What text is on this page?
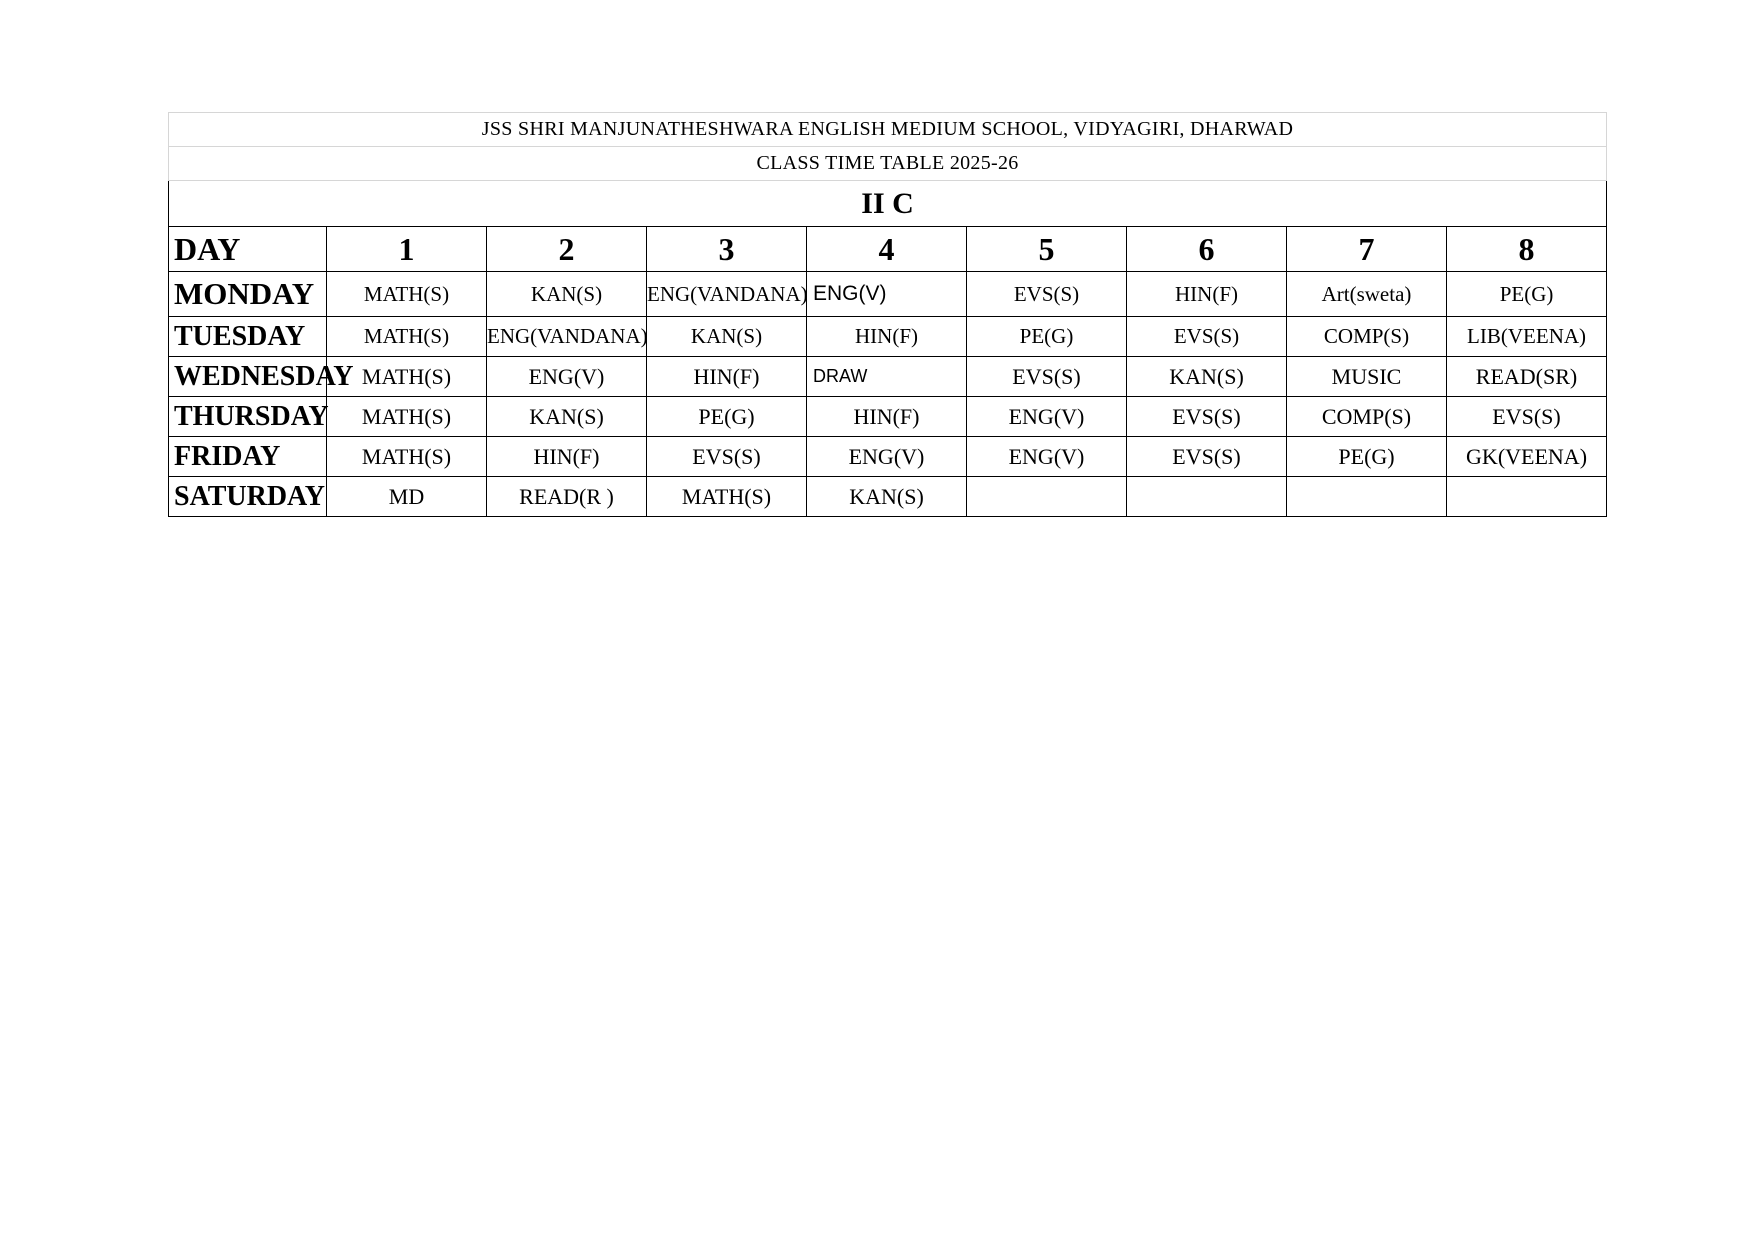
JSS SHRI MANJUNATHESHWARA ENGLISH MEDIUM SCHOOL, VIDYAGIRI, DHARWAD								
CLASS TIME TABLE 2025-26								
II C								
DAY	1	2	3	4	5	6	7	8
MONDAY	MATH(S)	KAN(S)	ENG(VANDANA)	ENG(V)	EVS(S)	HIN(F)	Art(sweta)	PE(G)
TUESDAY	MATH(S)	ENG(VANDANA)	KAN(S)	HIN(F)	PE(G)	EVS(S)	COMP(S)	LIB(VEENA)
WEDNESDAY	MATH(S)	ENG(V)	HIN(F)	DRAW	EVS(S)	KAN(S)	MUSIC	READ(SR)
THURSDAY	MATH(S)	KAN(S)	PE(G)	HIN(F)	ENG(V)	EVS(S)	COMP(S)	EVS(S)
FRIDAY	MATH(S)	HIN(F)	EVS(S)	ENG(V)	ENG(V)	EVS(S)	PE(G)	GK(VEENA)
SATURDAY	MD	READ(R )	MATH(S)	KAN(S)				
